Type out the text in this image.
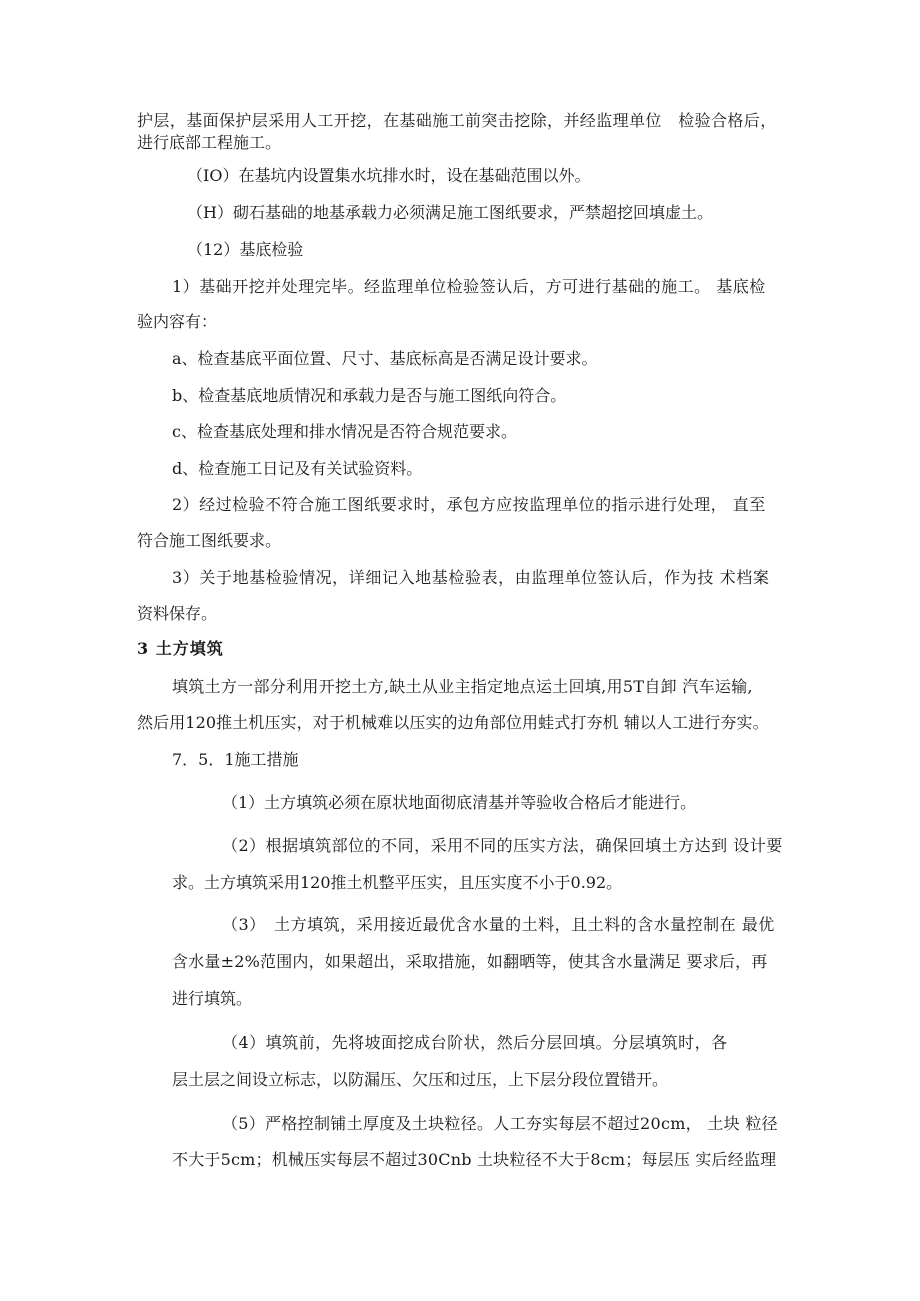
护层，基面保护层采用人工开挖，在基础施工前突击挖除，并经监理单位　检验合格后，
进行底部工程施工。
（IO）在基坑内设置集水坑排水时，设在基础范围以外。
（H）砌石基础的地基承载力必须满足施工图纸要求，严禁超挖回填虚土。
（12）基底检验
1）基础开挖并处理完毕。经监理单位检验签认后，方可进行基础的施工。 基底检
验内容有：
a、检查基底平面位置、尺寸、基底标高是否满足设计要求。
b、检查基底地质情况和承载力是否与施工图纸向符合。
c、检查基底处理和排水情况是否符合规范要求。
d、检查施工日记及有关试验资料。
2）经过检验不符合施工图纸要求时，承包方应按监理单位的指示进行处理， 直至
符合施工图纸要求。
3）关于地基检验情况，详细记入地基检验表，由监理单位签认后，作为技 术档案
资料保存。
3 土方填筑
填筑土方一部分利用开挖土方,缺土从业主指定地点运土回填,用5T自卸 汽车运输,
然后用120推土机压实，对于机械难以压实的边角部位用蛙式打夯机 辅以人工进行夯实。
7．5．1施工措施
（1）土方填筑必须在原状地面彻底清基并等验收合格后才能进行。
（2）根据填筑部位的不同，采用不同的压实方法，确保回填土方达到 设计要
求。土方填筑采用120推土机整平压实，且压实度不小于0.92。
（3）　土方填筑，采用接近最优含水量的土料，且土料的含水量控制在 最优
含水量±2%范围内，如果超出，采取措施，如翻晒等，使其含水量满足 要求后，再
进行填筑。
（4）填筑前，先将坡面挖成台阶状，然后分层回填。分层填筑时，各
层土层之间设立标志，以防漏压、欠压和过压，上下层分段位置错开。
（5）严格控制铺土厚度及土块粒径。人工夯实每层不超过20cm， 土块 粒径
不大于5cm；机械压实每层不超过30Cnb 土块粒径不大于8cm；每层压 实后经监理
